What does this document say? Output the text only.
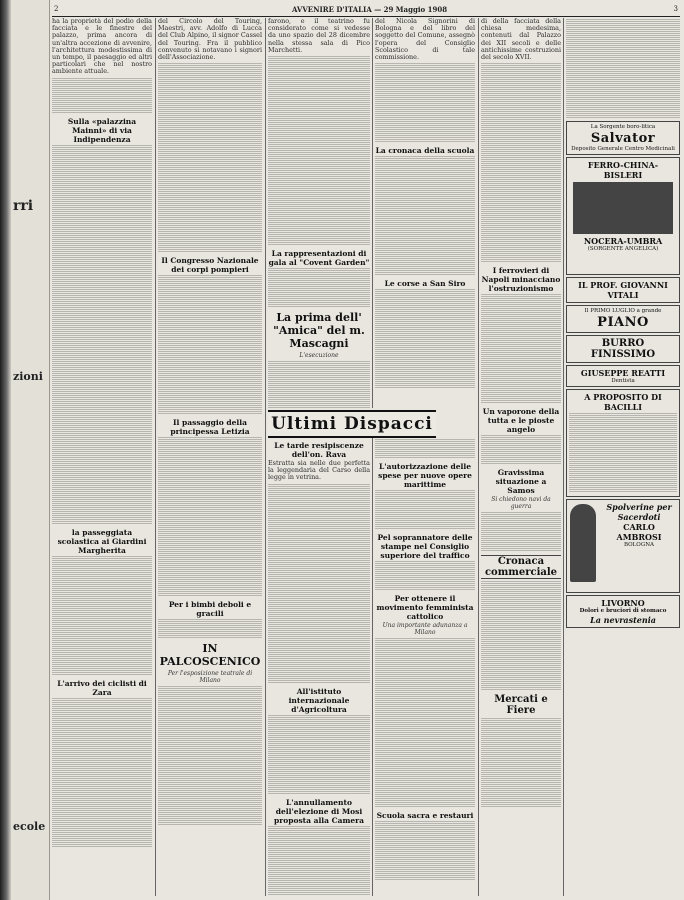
rri
zioni
ecole
2	AVVENIRE D'ITALIA — 29 Maggio 1908	3

ha la proprietà del podio della facciata e le finestre del palazzo, prima ancora di un'altra accezione di avvenire, l'architettura modestissima di un tempo, il paesaggio ed altri particolari che nel nostro ambiente attuale.

Sulla «palazzina Mainni» di via Indipendenza
la passeggiata scolastica ai Giardini Margherita
L'arrivo dei ciclisti di Zara

del Circolo del Touring, Maestri, avv. Adolfo di Lucca del Club Alpino, il signor Cassel del Touring. Fra il pubblico convenuto si notavano i signori dell'Associazione.

Il Congresso Nazionale dei corpi pompieri
Il passaggio della principessa Letizia
Per i bimbi deboli e gracili
IN PALCOSCENICO
Per l'esposizione teatrale di Milano

farono, e il teatrino fu considerato come si vedesse da uno spazio del 28 dicembre nella stessa sala di Pico Marchetti.

La rappresentazioni di gala al "Covent Garden"
La prima dell' "Amica" del m. Mascagni
L'esecuzione

del Nicola Signorini di Bologna e del libro del soggetto del Comune, assegnò l'opera del Consiglio Scolastico di tale commissione.

La cronaca della scuola
Le corse a San Siro
Ultimi Dispacci
Le tarde resipiscenze dell'on. Rava

Estratta sia nelle due perfetta la leggendaria del Carso della legge in vetrina.

All'istituto internazionale d'Agricoltura
L'annullamento dell'elezione di Mosi proposta alla Camera
L'autorizzazione delle spese per nuove opere marittime
Pel soprannatore delle stampe nel Consiglio superiore del traffico
Per ottenere il movimento femminista cattolico
Una importante adunanza a Milano
Scuola sacra e restauri

di della facciata della chiesa medesima, contenuti dal Palazzo dei XII secoli e delle antichissime costruzioni del secolo XVII.

I ferrovieri di Napoli minacciano l'ostruzionismo
Un vaporone della tutta e le pioste angelo
Gravissima situazione a Samos
Si chiedono navi da guerra
Cronaca commerciale
Mercati e Fiere
La Sorgente boro-litica
Salvator
Deposito Generale Centro Medicinali
FERRO-CHINA-BISLERI
NOCERA-UMBRA
(SORGENTE ANGELICA)
IL PROF. GIOVANNI VITALI
Il PRIMO LUGLIO a grande
PIANO
BURRO FINISSIMO
GIUSEPPE REATTI
Dentista
A PROPOSITO DI BACILLI
Spolverine per Sacerdoti
CARLO AMBROSI
BOLOGNA
LIVORNO
Dolori e bruciori di stomaco
La nevrastenia
